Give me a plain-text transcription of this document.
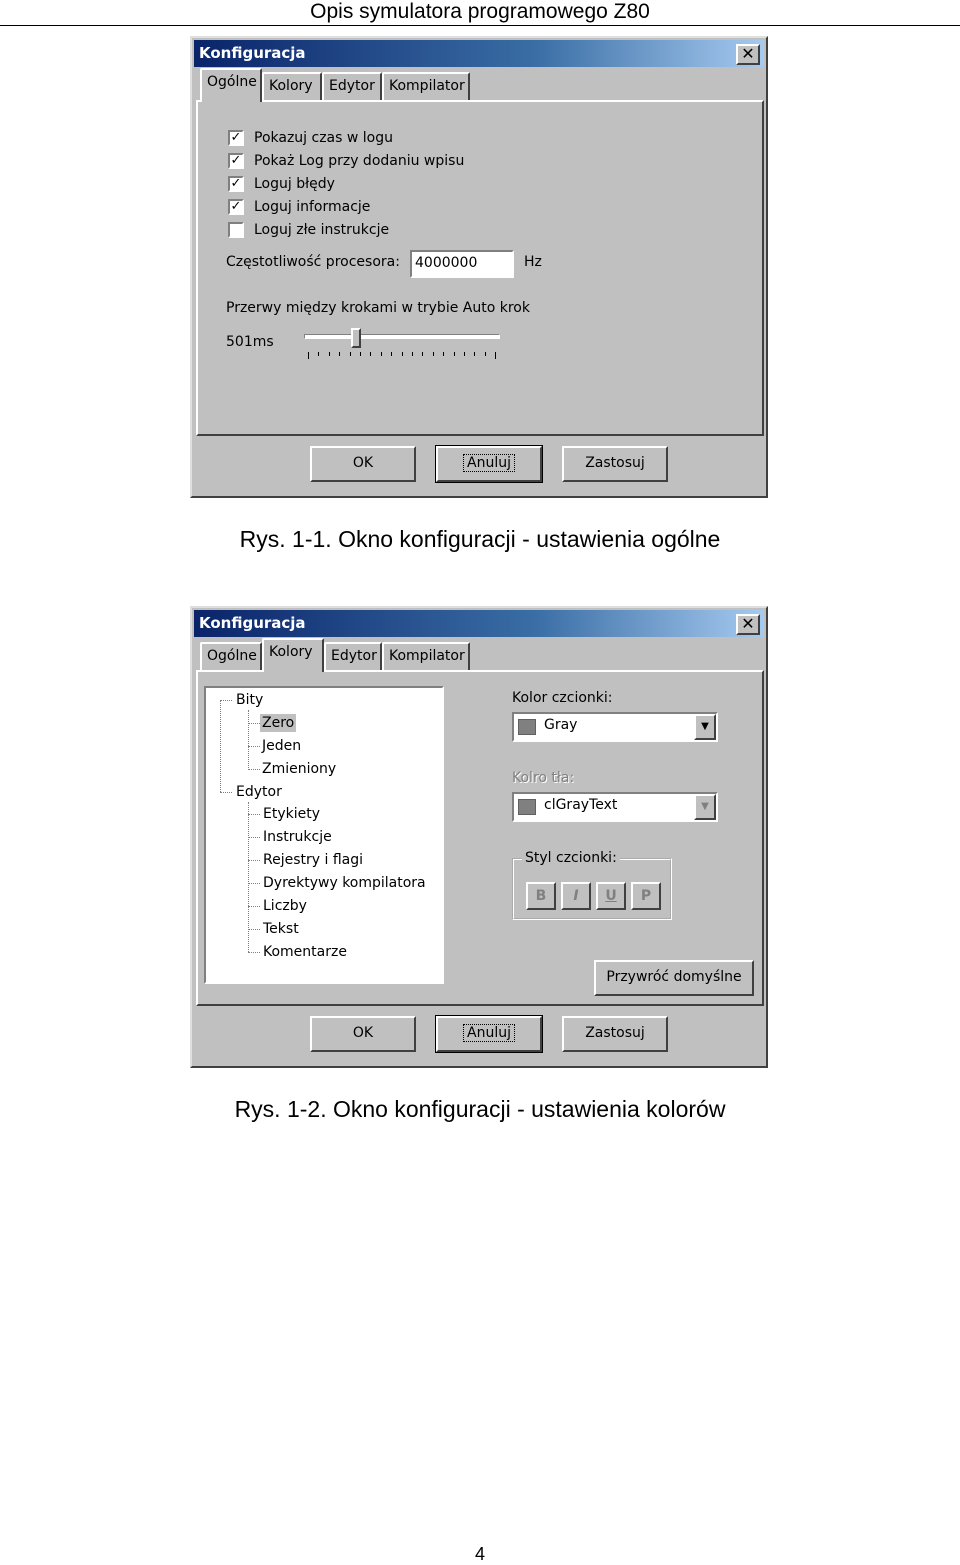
Opis symulatora programowego Z80
Konfiguracja	✕
Ogólne Kolory	Edytor	Kompilator
✓ Pokazuj czas w logu
✓ Pokaż Log przy dodaniu wpisu
✓ Loguj błędy
✓ Loguj informacje
Loguj złe instrukcje
Częstotliwość procesora:	4000000	Hz
Przerwy między krokami w trybie Auto krok
501ms
OK	Anuluj	Zastosuj
Rys. 1-1. Okno konfiguracji - ustawienia ogólne
Konfiguracja	✕
Ogólne Kolory	Edytor Kompilator
Bity
Zero
Jeden
Zmieniony
Edytor
Etykiety
Instrukcje
Rejestry i flagi
Dyrektywy kompilatora
Liczby
Tekst
Komentarze
Kolor czcionki:
Gray	▼
Kolro tła:
clGrayText	▼
Styl czcionki:
B	I	U	P
Przywróć domyślne
OK	Anuluj	Zastosuj
Rys. 1-2. Okno konfiguracji - ustawienia kolorów
4
